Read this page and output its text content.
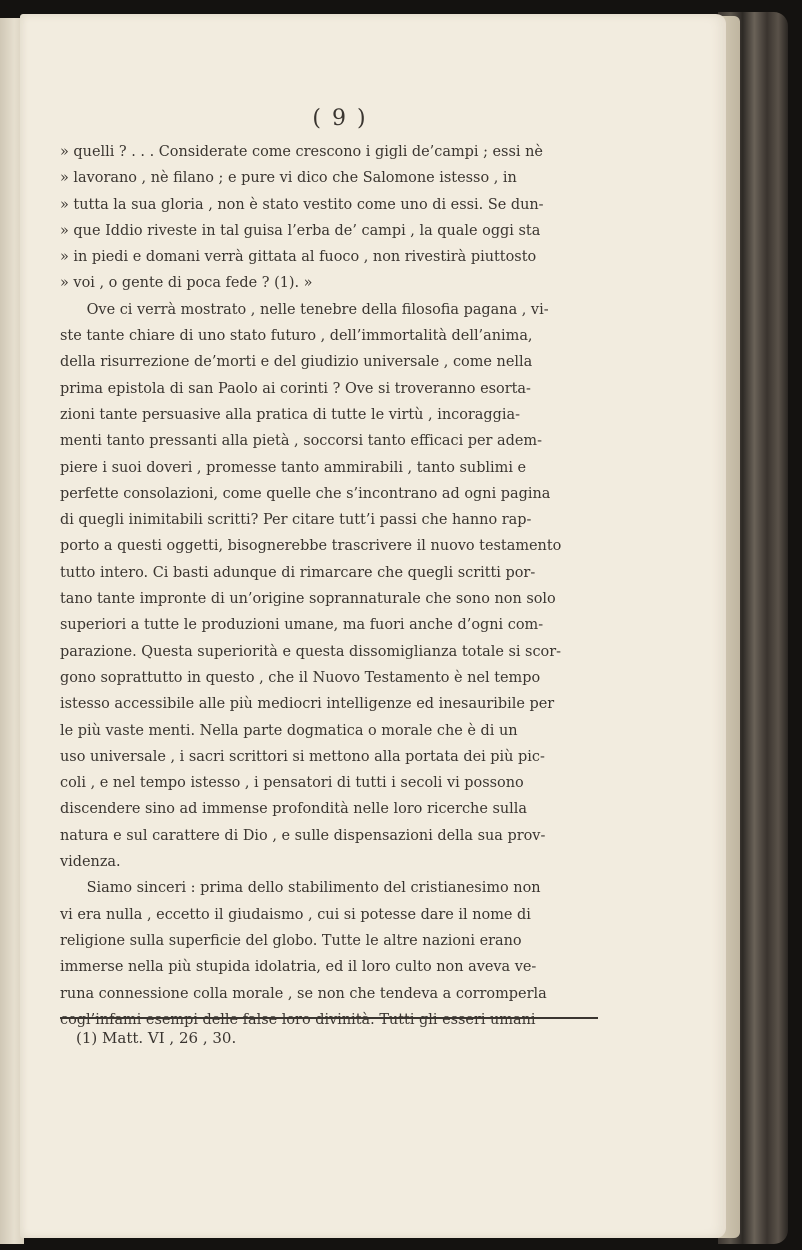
( 9 )

» quelli ? . . . Considerate come crescono i gigli de’campi ; essi nè
» lavorano , nè filano ; e pure vi dico che Salomone istesso , in
» tutta la sua gloria , non è stato vestito come uno di essi. Se dun-
» que Iddio riveste in tal guisa l’erba de’ campi , la quale oggi sta
» in piedi e domani verrà gittata al fuoco , non rivestirà piuttosto
» voi , o gente di poca fede ? (1). »

Ove ci verrà mostrato , nelle tenebre della filosofia pagana , vi-
ste tante chiare di uno stato futuro , dell’immortalità dell’anima,
della risurrezione de’morti e del giudizio universale , come nella
prima epistola di san Paolo ai corinti ? Ove si troveranno esorta-
zioni tante persuasive alla pratica di tutte le virtù , incoraggia-
menti tanto pressanti alla pietà , soccorsi tanto efficaci per adem-
piere i suoi doveri , promesse tanto ammirabili , tanto sublimi e
perfette consolazioni, come quelle che s’incontrano ad ogni pagina
di quegli inimitabili scritti? Per citare tutt’i passi che hanno rap-
porto a questi oggetti, bisognerebbe trascrivere il nuovo testamento
tutto intero. Ci basti adunque di rimarcare che quegli scritti por-
tano tante impronte di un’origine soprannaturale che sono non solo
superiori a tutte le produzioni umane, ma fuori anche d’ogni com-
parazione. Questa superiorità e questa dissomiglianza totale si scor-
gono soprattutto in questo , che il Nuovo Testamento è nel tempo
istesso accessibile alle più mediocri intelligenze ed inesauribile per
le più vaste menti. Nella parte dogmatica o morale che è di un
uso universale , i sacri scrittori si mettono alla portata dei più pic-
coli , e nel tempo istesso , i pensatori di tutti i secoli vi possono
discendere sino ad immense profondità nelle loro ricerche sulla
natura e sul carattere di Dio , e sulle dispensazioni della sua prov-
videnza.

Siamo sinceri : prima dello stabilimento del cristianesimo non
vi era nulla , eccetto il giudaismo , cui si potesse dare il nome di
religione sulla superficie del globo. Tutte le altre nazioni erano
immerse nella più stupida idolatria, ed il loro culto non aveva ve-
runa connessione colla morale , se non che tendeva a corromperla
cogl’infami esempi delle false loro divinità. Tutti gli esseri umani

(1) Matt. VI , 26 , 30.
